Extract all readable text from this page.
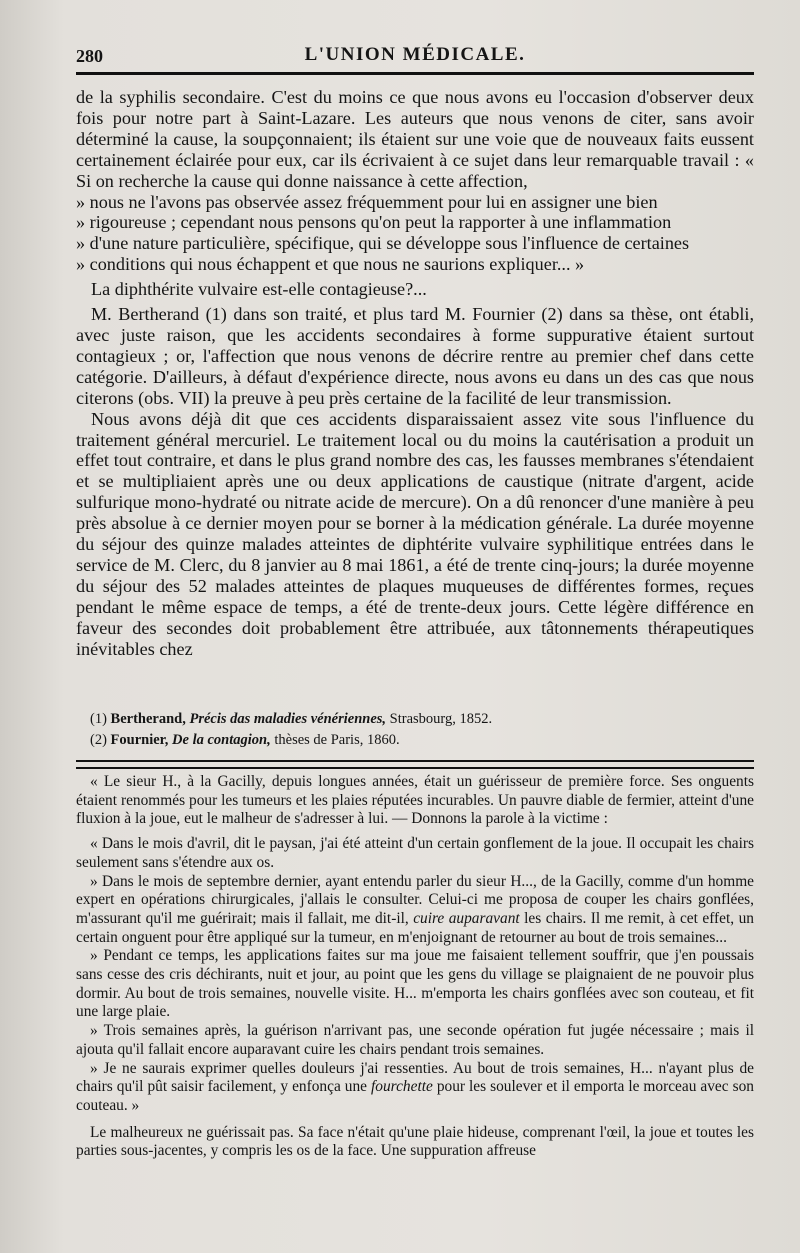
280	L'UNION MÉDICALE.

de la syphilis secondaire. C'est du moins ce que nous avons eu l'occasion d'observer deux fois pour notre part à Saint-Lazare. Les auteurs que nous venons de citer, sans avoir déterminé la cause, la soupçonnaient; ils étaient sur une voie que de nouveaux faits eussent certainement éclairée pour eux, car ils écrivaient à ce sujet dans leur remarquable travail : « Si on recherche la cause qui donne naissance à cette affection,

» nous ne l'avons pas observée assez fréquemment pour lui en assigner une bien
» rigoureuse ; cependant nous pensons qu'on peut la rapporter à une inflammation
» d'une nature particulière, spécifique, qui se développe sous l'influence de certaines
» conditions qui nous échappent et que nous ne saurions expliquer... »

La diphthérite vulvaire est-elle contagieuse?...

M. Bertherand (1) dans son traité, et plus tard M. Fournier (2) dans sa thèse, ont établi, avec juste raison, que les accidents secondaires à forme suppurative étaient surtout contagieux ; or, l'affection que nous venons de décrire rentre au premier chef dans cette catégorie. D'ailleurs, à défaut d'expérience directe, nous avons eu dans un des cas que nous citerons (obs. VII) la preuve à peu près certaine de la facilité de leur transmission.

Nous avons déjà dit que ces accidents disparaissaient assez vite sous l'influence du traitement général mercuriel. Le traitement local ou du moins la cautérisation a produit un effet tout contraire, et dans le plus grand nombre des cas, les fausses membranes s'étendaient et se multipliaient après une ou deux applications de caustique (nitrate d'argent, acide sulfurique mono-hydraté ou nitrate acide de mercure). On a dû renoncer d'une manière à peu près absolue à ce dernier moyen pour se borner à la médication générale. La durée moyenne du séjour des quinze malades atteintes de diphtérite vulvaire syphilitique entrées dans le service de M. Clerc, du 8 janvier au 8 mai 1861, a été de trente cinq-jours; la durée moyenne du séjour des 52 malades atteintes de plaques muqueuses de différentes formes, reçues pendant le même espace de temps, a été de trente-deux jours. Cette légère différence en faveur des secondes doit probablement être attribuée, aux tâtonnements thérapeutiques inévitables chez

(1) Bertherand, Précis das maladies vénériennes, Strasbourg, 1852.
(2) Fournier, De la contagion, thèses de Paris, 1860.

« Le sieur H., à la Gacilly, depuis longues années, était un guérisseur de première force. Ses onguents étaient renommés pour les tumeurs et les plaies réputées incurables. Un pauvre diable de fermier, atteint d'une fluxion à la joue, eut le malheur de s'adresser à lui. — Donnons la parole à la victime :

« Dans le mois d'avril, dit le paysan, j'ai été atteint d'un certain gonflement de la joue. Il occupait les chairs seulement sans s'étendre aux os.

» Dans le mois de septembre dernier, ayant entendu parler du sieur H..., de la Gacilly, comme d'un homme expert en opérations chirurgicales, j'allais le consulter. Celui-ci me proposa de couper les chairs gonflées, m'assurant qu'il me guérirait; mais il fallait, me dit-il, cuire auparavant les chairs. Il me remit, à cet effet, un certain onguent pour être appliqué sur la tumeur, en m'enjoignant de retourner au bout de trois semaines...

» Pendant ce temps, les applications faites sur ma joue me faisaient tellement souffrir, que j'en poussais sans cesse des cris déchirants, nuit et jour, au point que les gens du village se plaignaient de ne pouvoir plus dormir. Au bout de trois semaines, nouvelle visite. H... m'emporta les chairs gonflées avec son couteau, et fit une large plaie.

» Trois semaines après, la guérison n'arrivant pas, une seconde opération fut jugée nécessaire ; mais il ajouta qu'il fallait encore auparavant cuire les chairs pendant trois semaines.

» Je ne saurais exprimer quelles douleurs j'ai ressenties. Au bout de trois semaines, H... n'ayant plus de chairs qu'il pût saisir facilement, y enfonça une fourchette pour les soulever et il emporta le morceau avec son couteau. »

Le malheureux ne guérissait pas. Sa face n'était qu'une plaie hideuse, comprenant l'œil, la joue et toutes les parties sous-jacentes, y compris les os de la face. Une suppuration affreuse
